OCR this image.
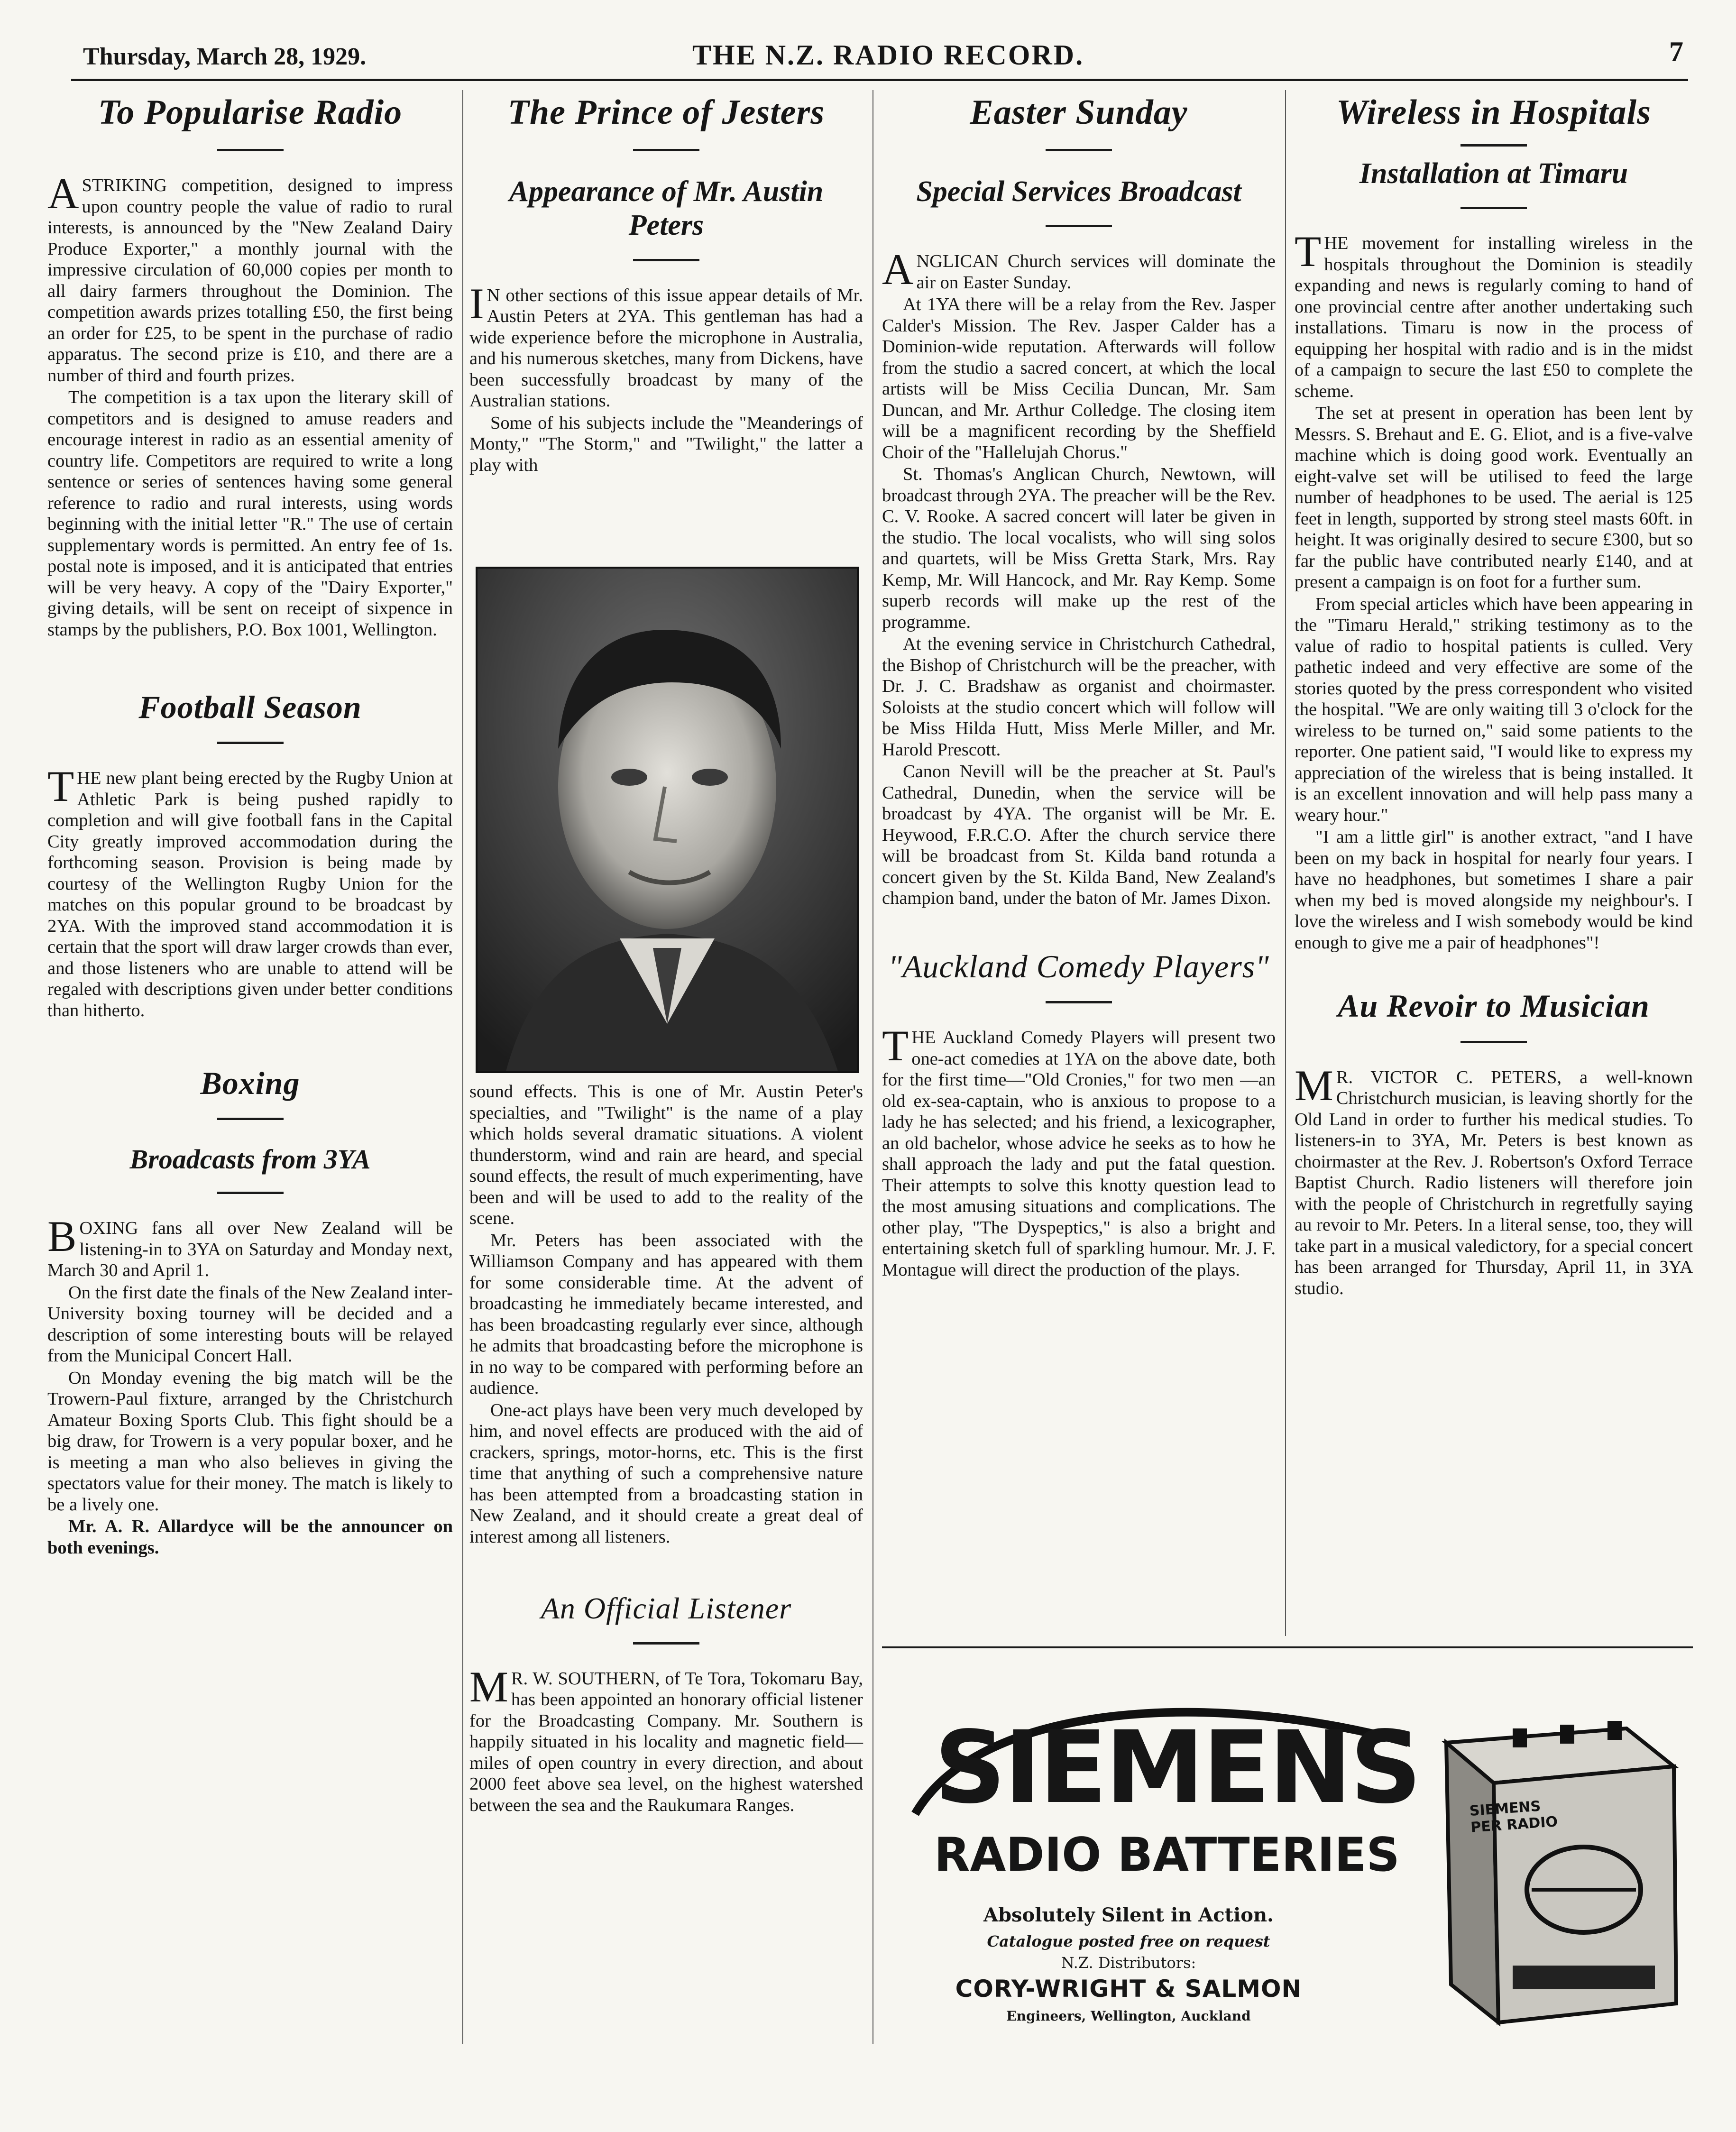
Thursday, March 28, 1929.	THE N.Z. RADIO RECORD.	7
To Popularise Radio

ASTRIKING competition, designed to impress upon country people the value of radio to rural interests, is announced by the "New Zealand Dairy Produce Exporter," a monthly journal with the impressive circulation of 60,000 copies per month to all dairy farmers throughout the Dominion. The competition awards prizes totalling £50, the first being an order for £25, to be spent in the purchase of radio apparatus. The second prize is £10, and there are a number of third and fourth prizes.

The competition is a tax upon the literary skill of competitors and is designed to amuse readers and encourage interest in radio as an essential amenity of country life. Competitors are required to write a long sentence or series of sentences having some general reference to radio and rural interests, using words beginning with the initial letter "R." The use of certain supplementary words is permitted. An entry fee of 1s. postal note is imposed, and it is anticipated that entries will be very heavy. A copy of the "Dairy Exporter," giving details, will be sent on receipt of sixpence in stamps by the publishers, P.O. Box 1001, Wellington.

Football Season

THE new plant being erected by the Rugby Union at Athletic Park is being pushed rapidly to completion and will give football fans in the Capital City greatly improved accommodation during the forthcoming season. Provision is being made by courtesy of the Wellington Rugby Union for the matches on this popular ground to be broadcast by 2YA. With the improved stand accommodation it is certain that the sport will draw larger crowds than ever, and those listeners who are unable to attend will be regaled with descriptions given under better conditions than hitherto.

Boxing
Broadcasts from 3YA

BOXING fans all over New Zealand will be listening-in to 3YA on Saturday and Monday next, March 30 and April 1.

On the first date the finals of the New Zealand inter-University boxing tourney will be decided and a description of some interesting bouts will be relayed from the Municipal Concert Hall.

On Monday evening the big match will be the Trowern-Paul fixture, arranged by the Christchurch Amateur Boxing Sports Club. This fight should be a big draw, for Trowern is a very popular boxer, and he is meeting a man who also believes in giving the spectators value for their money. The match is likely to be a lively one.

Mr. A. R. Allardyce will be the announcer on both evenings.

The Prince of Jesters
Appearance of Mr. Austin Peters

I N other sections of this issue appear details of Mr. Austin Peters at 2YA. This gentleman has had a wide experience before the microphone in Australia, and his numerous sketches, many from Dickens, have been successfully broadcast by many of the Australian stations.

Some of his subjects include the "Meanderings of Monty," "The Storm," and "Twilight," the latter a play with

sound effects. This is one of Mr. Austin Peter's specialties, and "Twilight" is the name of a play which holds several dramatic situations. A violent thunderstorm, wind and rain are heard, and special sound effects, the result of much experimenting, have been and will be used to add to the reality of the scene.

Mr. Peters has been associated with the Williamson Company and has appeared with them for some considerable time. At the advent of broadcasting he immediately became interested, and has been broadcasting regularly ever since, although he admits that broadcasting before the microphone is in no way to be compared with performing before an audience.

One-act plays have been very much developed by him, and novel effects are produced with the aid of crackers, springs, motor-horns, etc. This is the first time that anything of such a comprehensive nature has been attempted from a broadcasting station in New Zealand, and it should create a great deal of interest among all listeners.

An Official Listener

M R. W. SOUTHERN, of Te Tora, Tokomaru Bay, has been appointed an honorary official listener for the Broadcasting Company. Mr. Southern is happily situated in his locality and magnetic field—miles of open country in every direction, and about 2000 feet above sea level, on the highest watershed between the sea and the Raukumara Ranges.

Easter Sunday
Special Services Broadcast

ANGLICAN Church services will dominate the air on Easter Sunday.

At 1YA there will be a relay from the Rev. Jasper Calder's Mission. The Rev. Jasper Calder has a Dominion-wide reputation. Afterwards will follow from the studio a sacred concert, at which the local artists will be Miss Cecilia Duncan, Mr. Sam Duncan, and Mr. Arthur Colledge. The closing item will be a magnificent recording by the Sheffield Choir of the "Hallelujah Chorus."

St. Thomas's Anglican Church, Newtown, will broadcast through 2YA. The preacher will be the Rev. C. V. Rooke. A sacred concert will later be given in the studio. The local vocalists, who will sing solos and quartets, will be Miss Gretta Stark, Mrs. Ray Kemp, Mr. Will Hancock, and Mr. Ray Kemp. Some superb records will make up the rest of the programme.

At the evening service in Christchurch Cathedral, the Bishop of Christchurch will be the preacher, with Dr. J. C. Bradshaw as organist and choirmaster. Soloists at the studio concert which will follow will be Miss Hilda Hutt, Miss Merle Miller, and Mr. Harold Prescott.

Canon Nevill will be the preacher at St. Paul's Cathedral, Dunedin, when the service will be broadcast by 4YA. The organist will be Mr. E. Heywood, F.R.C.O. After the church service there will be broadcast from St. Kilda band rotunda a concert given by the St. Kilda Band, New Zealand's champion band, under the baton of Mr. James Dixon.

"Auckland Comedy Players"

THE Auckland Comedy Players will present two one-act comedies at 1YA on the above date, both for the first time—"Old Cronies," for two men —an old ex-sea-captain, who is anxious to propose to a lady he has selected; and his friend, a lexicographer, an old bachelor, whose advice he seeks as to how he shall approach the lady and put the fatal question. Their attempts to solve this knotty question lead to the most amusing situations and complications. The other play, "The Dyspeptics," is also a bright and entertaining sketch full of sparkling humour. Mr. J. F. Montague will direct the production of the plays.

Wireless in Hospitals
Installation at Timaru

THE movement for installing wireless in the hospitals throughout the Dominion is steadily expanding and news is regularly coming to hand of one provincial centre after another undertaking such installations. Timaru is now in the process of equipping her hospital with radio and is in the midst of a campaign to secure the last £50 to complete the scheme.

The set at present in operation has been lent by Messrs. S. Brehaut and E. G. Eliot, and is a five-valve machine which is doing good work. Eventually an eight-valve set will be utilised to feed the large number of headphones to be used. The aerial is 125 feet in length, supported by strong steel masts 60ft. in height. It was originally desired to secure £300, but so far the public have contributed nearly £140, and at present a campaign is on foot for a further sum.

From special articles which have been appearing in the "Timaru Herald," striking testimony as to the value of radio to hospital patients is culled. Very pathetic indeed and very effective are some of the stories quoted by the press correspondent who visited the hospital. "We are only waiting till 3 o'clock for the wireless to be turned on," said some patients to the reporter. One patient said, "I would like to express my appreciation of the wireless that is being installed. It is an excellent innovation and will help pass many a weary hour."

"I am a little girl" is another extract, "and I have been on my back in hospital for nearly four years. I have no headphones, but sometimes I share a pair when my bed is moved alongside my neighbour's. I love the wireless and I wish somebody would be kind enough to give me a pair of headphones"!

Au Revoir to Musician

M R. VICTOR C. PETERS, a well-known Christchurch musician, is leaving shortly for the Old Land in order to further his medical studies. To listeners-in to 3YA, Mr. Peters is best known as choirmaster at the Rev. J. Robertson's Oxford Terrace Baptist Church. Radio listeners will therefore join with the people of Christchurch in regretfully saying au revoir to Mr. Peters. In a literal sense, too, they will take part in a musical valedictory, for a special concert has been arranged for Thursday, April 11, in 3YA studio.

SIEMENS
RADIO BATTERIES
SIEMENS PER RADIO
Absolutely Silent in Action.
Catalogue posted free on request
N.Z. Distributors:
CORY-WRIGHT & SALMON
Engineers, Wellington, Auckland
